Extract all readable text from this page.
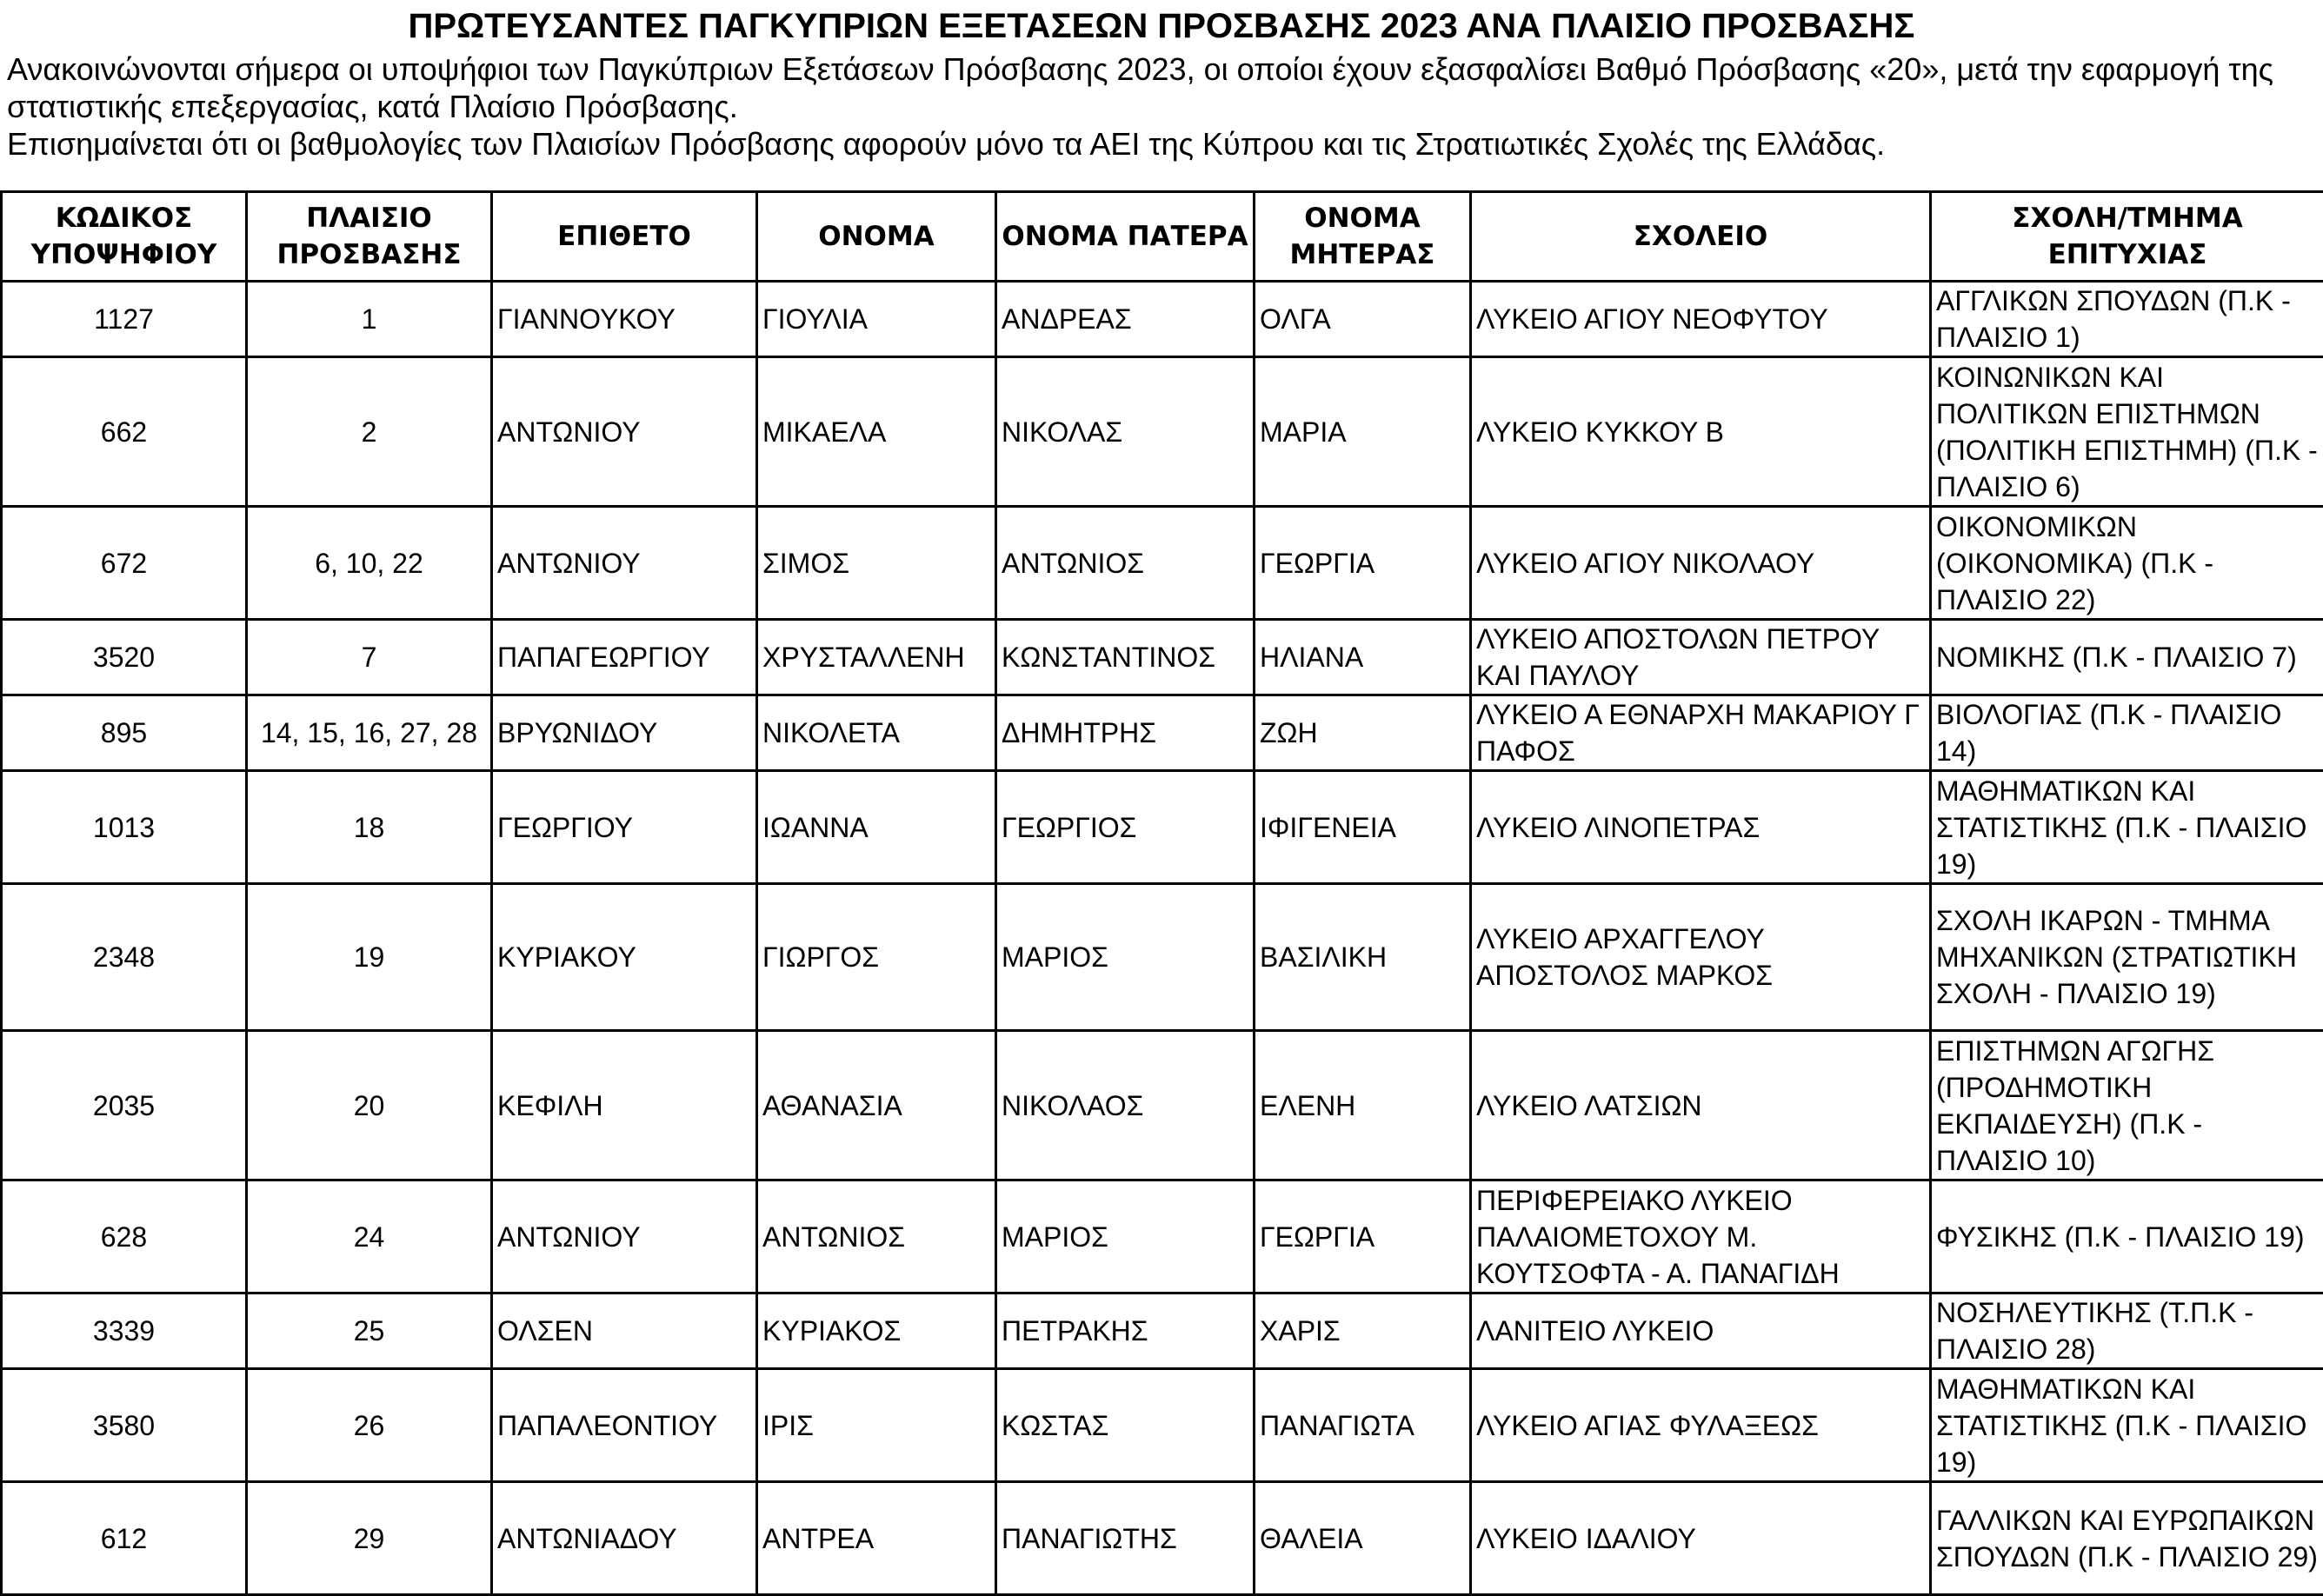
ΠΡΩΤΕΥΣΑΝΤΕΣ ΠΑΓΚΥΠΡΙΩΝ ΕΞΕΤΑΣΕΩΝ ΠΡΟΣΒΑΣΗΣ 2023 ΑΝΑ ΠΛΑΙΣΙΟ ΠΡΟΣΒΑΣΗΣ

Ανακοινώνονται σήμερα οι υποψήφιοι των Παγκύπριων Εξετάσεων Πρόσβασης 2023, οι οποίοι έχουν εξασφαλίσει Βαθμό Πρόσβασης «20», μετά την εφαρμογή της στατιστικής επεξεργασίας, κατά Πλαίσιο Πρόσβασης.

Επισημαίνεται ότι οι βαθμολογίες των Πλαισίων Πρόσβασης αφορούν μόνο τα ΑΕΙ της Κύπρου και τις Στρατιωτικές Σχολές της Ελλάδας.

ΚΩΔΙΚΟΣ ΥΠΟΨΗΦΙΟΥ	ΠΛΑΙΣΙΟ ΠΡΟΣΒΑΣΗΣ	ΕΠΙΘΕΤΟ	ΟΝΟΜΑ	ΟΝΟΜΑ ΠΑΤΕΡΑ	ΟΝΟΜΑ ΜΗΤΕΡΑΣ	ΣΧΟΛΕΙΟ	ΣΧΟΛΗ/ΤΜΗΜΑ ΕΠΙΤΥΧΙΑΣ
1127	1	ΓΙΑΝΝΟΥΚΟΥ	ΓΙΟΥΛΙΑ	ΑΝΔΡΕΑΣ	ΟΛΓΑ	ΛΥΚΕΙΟ ΑΓΙΟΥ ΝΕΟΦΥΤΟΥ	ΑΓΓΛΙΚΩΝ ΣΠΟΥΔΩΝ (Π.Κ - ΠΛΑΙΣΙΟ 1)
662	2	ΑΝΤΩΝΙΟΥ	ΜΙΚΑΕΛΑ	ΝΙΚΟΛΑΣ	ΜΑΡΙΑ	ΛΥΚΕΙΟ ΚΥΚΚΟΥ Β	ΚΟΙΝΩΝΙΚΩΝ ΚΑΙ ΠΟΛΙΤΙΚΩΝ ΕΠΙΣΤΗΜΩΝ (ΠΟΛΙΤΙΚΗ ΕΠΙΣΤΗΜΗ) (Π.Κ - ΠΛΑΙΣΙΟ 6)
672	6, 10, 22	ΑΝΤΩΝΙΟΥ	ΣΙΜΟΣ	ΑΝΤΩΝΙΟΣ	ΓΕΩΡΓΙΑ	ΛΥΚΕΙΟ ΑΓΙΟΥ ΝΙΚΟΛΑΟΥ	ΟΙΚΟΝΟΜΙΚΩΝ (ΟΙΚΟΝΟΜΙΚΑ) (Π.Κ - ΠΛΑΙΣΙΟ 22)
3520	7	ΠΑΠΑΓΕΩΡΓΙΟΥ	ΧΡΥΣΤΑΛΛΕΝΗ	ΚΩΝΣΤΑΝΤΙΝΟΣ	ΗΛΙΑΝΑ	ΛΥΚΕΙΟ ΑΠΟΣΤΟΛΩΝ ΠΕΤΡΟΥ ΚΑΙ ΠΑΥΛΟΥ	ΝΟΜΙΚΗΣ (Π.Κ - ΠΛΑΙΣΙΟ 7)
895	14, 15, 16, 27, 28	ΒΡΥΩΝΙΔΟΥ	ΝΙΚΟΛΕΤΑ	ΔΗΜΗΤΡΗΣ	ΖΩΗ	ΛΥΚΕΙΟ Α ΕΘΝΑΡΧΗ ΜΑΚΑΡΙΟΥ Γ ΠΑΦΟΣ	ΒΙΟΛΟΓΙΑΣ (Π.Κ - ΠΛΑΙΣΙΟ 14)
1013	18	ΓΕΩΡΓΙΟΥ	ΙΩΑΝΝΑ	ΓΕΩΡΓΙΟΣ	ΙΦΙΓΕΝΕΙΑ	ΛΥΚΕΙΟ ΛΙΝΟΠΕΤΡΑΣ	ΜΑΘΗΜΑΤΙΚΩΝ ΚΑΙ ΣΤΑΤΙΣΤΙΚΗΣ (Π.Κ - ΠΛΑΙΣΙΟ 19)
2348	19	ΚΥΡΙΑΚΟΥ	ΓΙΩΡΓΟΣ	ΜΑΡΙΟΣ	ΒΑΣΙΛΙΚΗ	ΛΥΚΕΙΟ ΑΡΧΑΓΓΕΛΟΥ ΑΠΟΣΤΟΛΟΣ ΜΑΡΚΟΣ	ΣΧΟΛΗ ΙΚΑΡΩΝ - ΤΜΗΜΑ ΜΗΧΑΝΙΚΩΝ (ΣΤΡΑΤΙΩΤΙΚΗ ΣΧΟΛΗ - ΠΛΑΙΣΙΟ 19)
2035	20	ΚΕΦΙΛΗ	ΑΘΑΝΑΣΙΑ	ΝΙΚΟΛΑΟΣ	ΕΛΕΝΗ	ΛΥΚΕΙΟ ΛΑΤΣΙΩΝ	ΕΠΙΣΤΗΜΩΝ ΑΓΩΓΗΣ (ΠΡΟΔΗΜΟΤΙΚΗ ΕΚΠΑΙΔΕΥΣΗ) (Π.Κ - ΠΛΑΙΣΙΟ 10)
628	24	ΑΝΤΩΝΙΟΥ	ΑΝΤΩΝΙΟΣ	ΜΑΡΙΟΣ	ΓΕΩΡΓΙΑ	ΠΕΡΙΦΕΡΕΙΑΚΟ ΛΥΚΕΙΟ ΠΑΛΑΙΟΜΕΤΟΧΟΥ Μ. ΚΟΥΤΣΟΦΤΑ - Α. ΠΑΝΑΓΙΔΗ	ΦΥΣΙΚΗΣ (Π.Κ - ΠΛΑΙΣΙΟ 19)
3339	25	ΟΛΣΕΝ	ΚΥΡΙΑΚΟΣ	ΠΕΤΡΑΚΗΣ	ΧΑΡΙΣ	ΛΑΝΙΤΕΙΟ ΛΥΚΕΙΟ	ΝΟΣΗΛΕΥΤΙΚΗΣ (Τ.Π.Κ - ΠΛΑΙΣΙΟ 28)
3580	26	ΠΑΠΑΛΕΟΝΤΙΟΥ	ΙΡΙΣ	ΚΩΣΤΑΣ	ΠΑΝΑΓΙΩΤΑ	ΛΥΚΕΙΟ ΑΓΙΑΣ ΦΥΛΑΞΕΩΣ	ΜΑΘΗΜΑΤΙΚΩΝ ΚΑΙ ΣΤΑΤΙΣΤΙΚΗΣ (Π.Κ - ΠΛΑΙΣΙΟ 19)
612	29	ΑΝΤΩΝΙΑΔΟΥ	ΑΝΤΡΕΑ	ΠΑΝΑΓΙΩΤΗΣ	ΘΑΛΕΙΑ	ΛΥΚΕΙΟ ΙΔΑΛΙΟΥ	ΓΑΛΛΙΚΩΝ ΚΑΙ ΕΥΡΩΠΑΙΚΩΝ ΣΠΟΥΔΩΝ (Π.Κ - ΠΛΑΙΣΙΟ 29)
